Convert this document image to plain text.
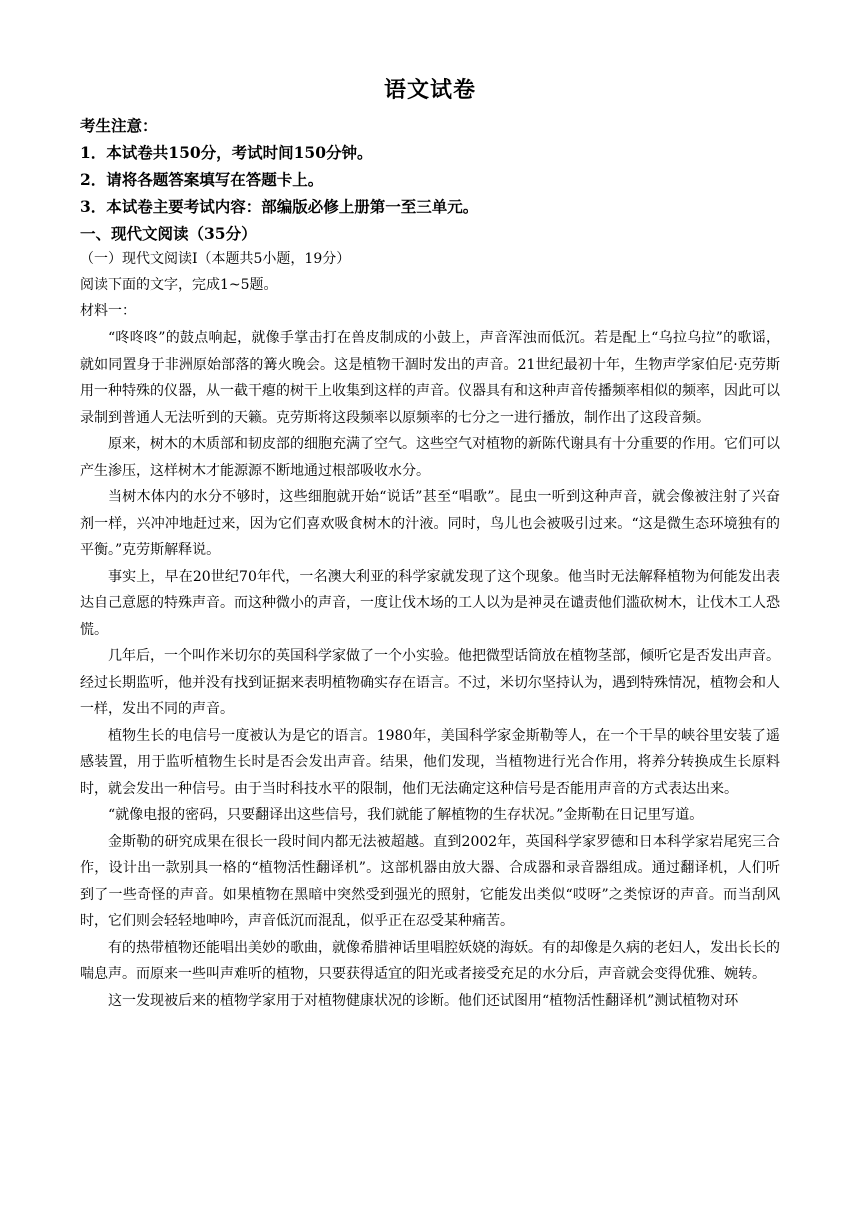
语文试卷
考生注意：
1．本试卷共150分，考试时间150分钟。
2．请将各题答案填写在答题卡上。
3．本试卷主要考试内容：部编版必修上册第一至三单元。
一、现代文阅读（35分）
（一）现代文阅读Ⅰ（本题共5小题，19分）
阅读下面的文字，完成1~5题。
材料一：

“咚咚咚”的鼓点响起，就像手掌击打在兽皮制成的小鼓上，声音浑浊而低沉。若是配上“乌拉乌拉”的歌谣，就如同置身于非洲原始部落的篝火晚会。这是植物干涸时发出的声音。21世纪最初十年，生物声学家伯尼·克劳斯用一种特殊的仪器，从一截干瘪的树干上收集到这样的声音。仪器具有和这种声音传播频率相似的频率，因此可以录制到普通人无法听到的天籁。克劳斯将这段频率以原频率的七分之一进行播放，制作出了这段音频。

原来，树木的木质部和韧皮部的细胞充满了空气。这些空气对植物的新陈代谢具有十分重要的作用。它们可以产生渗压，这样树木才能源源不断地通过根部吸收水分。

当树木体内的水分不够时，这些细胞就开始“说话”甚至“唱歌”。昆虫一听到这种声音，就会像被注射了兴奋剂一样，兴冲冲地赶过来，因为它们喜欢吸食树木的汁液。同时，鸟儿也会被吸引过来。“这是微生态环境独有的平衡。”克劳斯解释说。

事实上，早在20世纪70年代，一名澳大利亚的科学家就发现了这个现象。他当时无法解释植物为何能发出表达自己意愿的特殊声音。而这种微小的声音，一度让伐木场的工人以为是神灵在谴责他们滥砍树木，让伐木工人恐慌。

几年后，一个叫作米切尔的英国科学家做了一个小实验。他把微型话筒放在植物茎部，倾听它是否发出声音。经过长期监听，他并没有找到证据来表明植物确实存在语言。不过，米切尔坚持认为，遇到特殊情况，植物会和人一样，发出不同的声音。

植物生长的电信号一度被认为是它的语言。1980年，美国科学家金斯勒等人，在一个干旱的峡谷里安装了遥感装置，用于监听植物生长时是否会发出声音。结果，他们发现，当植物进行光合作用，将养分转换成生长原料时，就会发出一种信号。由于当时科技水平的限制，他们无法确定这种信号是否能用声音的方式表达出来。

“就像电报的密码，只要翻译出这些信号，我们就能了解植物的生存状况。”金斯勒在日记里写道。

金斯勒的研究成果在很长一段时间内都无法被超越。直到2002年，英国科学家罗德和日本科学家岩尾宪三合作，设计出一款别具一格的“植物活性翻译机”。这部机器由放大器、合成器和录音器组成。通过翻译机，人们听到了一些奇怪的声音。如果植物在黑暗中突然受到强光的照射，它能发出类似“哎呀”之类惊讶的声音。而当刮风时，它们则会轻轻地呻吟，声音低沉而混乱，似乎正在忍受某种痛苦。

有的热带植物还能唱出美妙的歌曲，就像希腊神话里唱腔妖娆的海妖。有的却像是久病的老妇人，发出长长的喘息声。而原来一些叫声难听的植物，只要获得适宜的阳光或者接受充足的水分后，声音就会变得优雅、婉转。

这一发现被后来的植物学家用于对植物健康状况的诊断。他们还试图用“植物活性翻译机”测试植物对环
